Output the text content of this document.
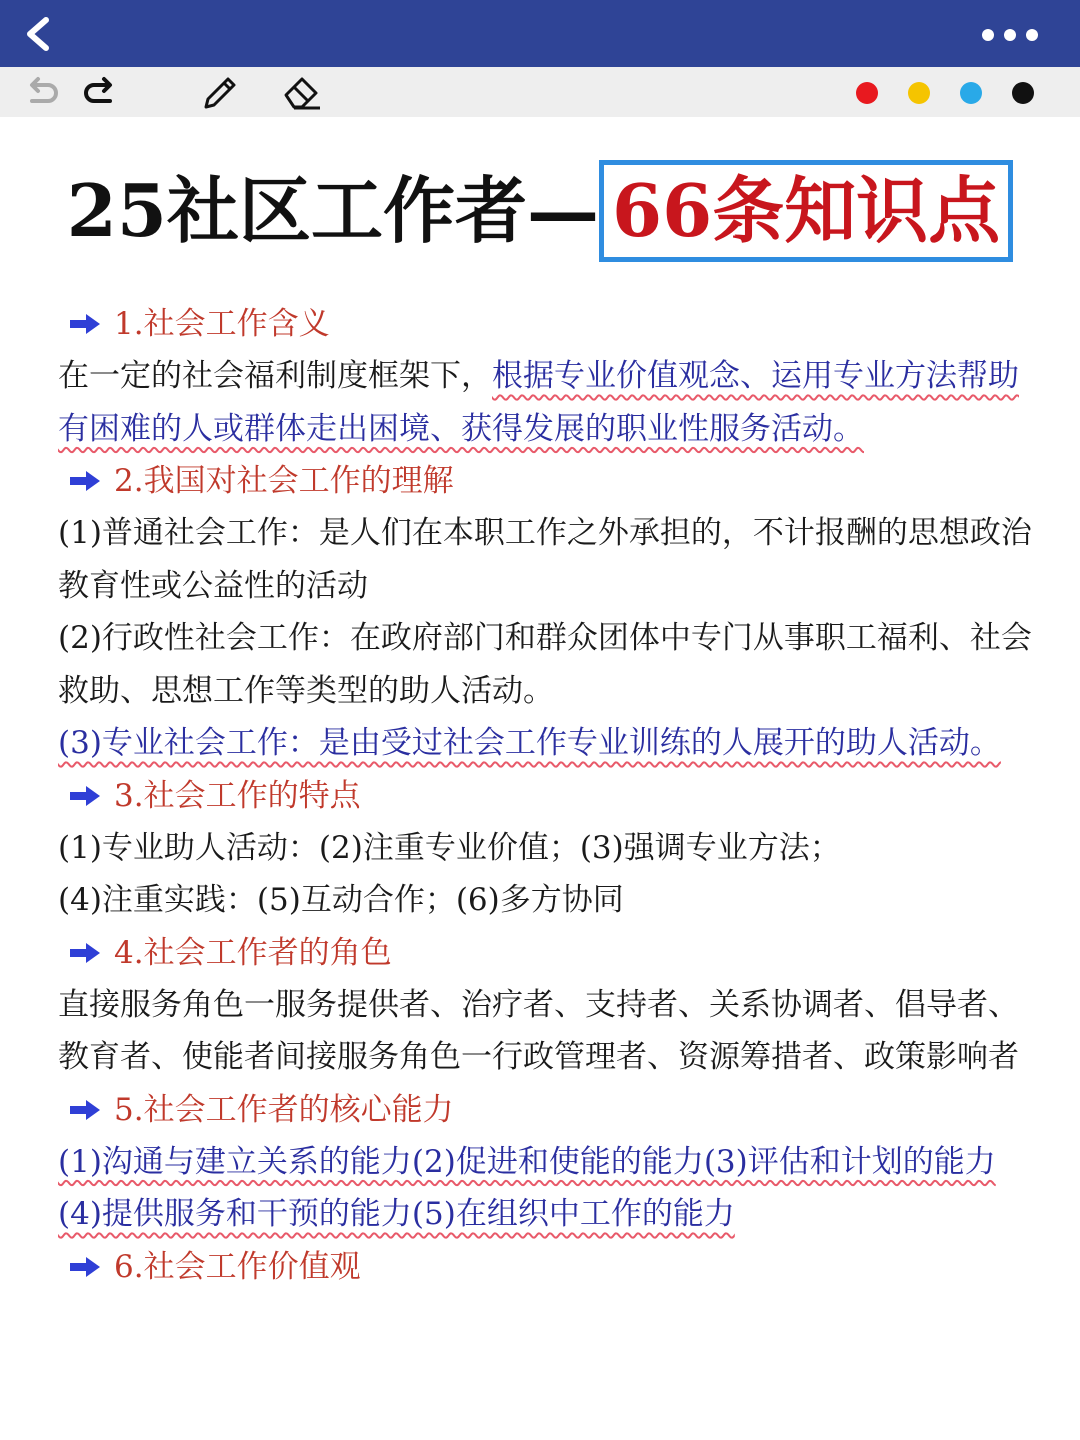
25社区工作者— 66条知识点
1.社会工作含义

在一定的社会福利制度框架下，根据专业价值观念、运用专业方法帮助有困难的人或群体走出困境、获得发展的职业性服务活动。

2.我国对社会工作的理解

(1)普通社会工作：是人们在本职工作之外承担的，不计报酬的思想政治教育性或公益性的活动

(2)行政性社会工作：在政府部门和群众团体中专门从事职工福利、社会救助、思想工作等类型的助人活动。

(3)专业社会工作：是由受过社会工作专业训练的人展开的助人活动。

3.社会工作的特点

(1)专业助人活动：(2)注重专业价值；(3)强调专业方法；

(4)注重实践：(5)互动合作；(6)多方协同

4.社会工作者的角色

直接服务角色一服务提供者、治疗者、支持者、关系协调者、倡导者、教育者、使能者间接服务角色一行政管理者、资源筹措者、政策影响者

5.社会工作者的核心能力

(1)沟通与建立关系的能力(2)促进和使能的能力(3)评估和计划的能力(4)提供服务和干预的能力(5)在组织中工作的能力

6.社会工作价值观
